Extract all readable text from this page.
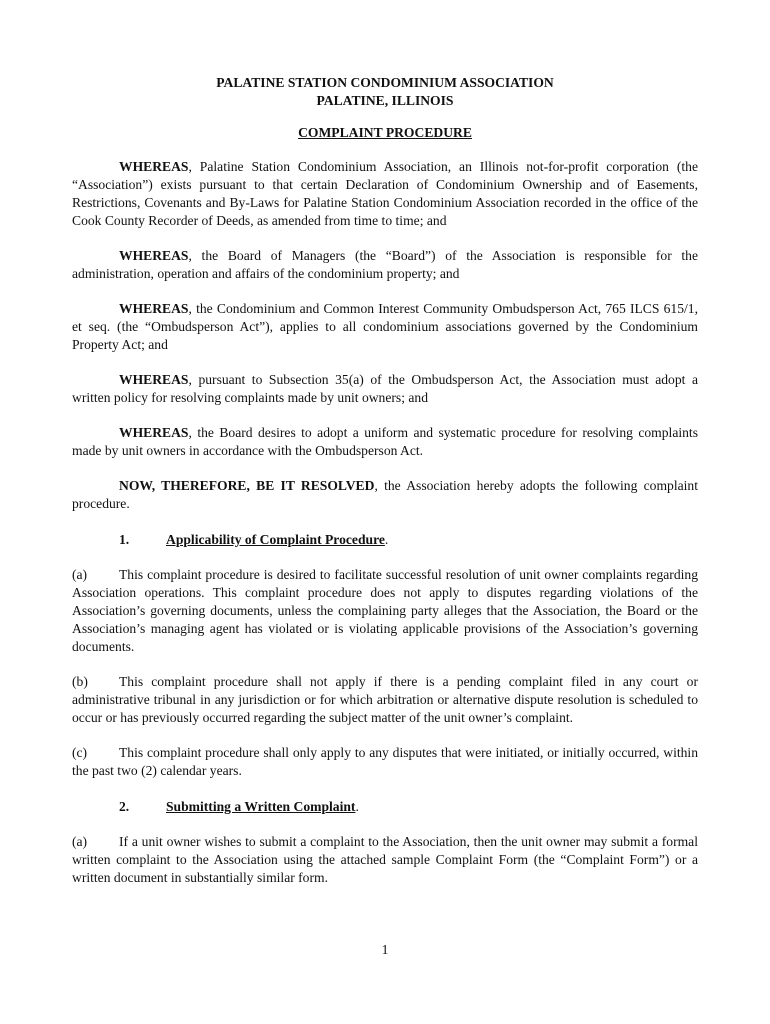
PALATINE STATION CONDOMINIUM ASSOCIATION
PALATINE, ILLINOIS
COMPLAINT PROCEDURE

WHEREAS, Palatine Station Condominium Association, an Illinois not-for-profit corporation (the “Association”) exists pursuant to that certain Declaration of Condominium Ownership and of Easements, Restrictions, Covenants and By-Laws for Palatine Station Condominium Association recorded in the office of the Cook County Recorder of Deeds, as amended from time to time; and

WHEREAS, the Board of Managers (the “Board”) of the Association is responsible for the administration, operation and affairs of the condominium property; and

WHEREAS, the Condominium and Common Interest Community Ombudsperson Act, 765 ILCS 615/1, et seq. (the “Ombudsperson Act”), applies to all condominium associations governed by the Condominium Property Act; and

WHEREAS, pursuant to Subsection 35(a) of the Ombudsperson Act, the Association must adopt a written policy for resolving complaints made by unit owners; and

WHEREAS, the Board desires to adopt a uniform and systematic procedure for resolving complaints made by unit owners in accordance with the Ombudsperson Act.

NOW, THEREFORE, BE IT RESOLVED, the Association hereby adopts the following complaint procedure.

1.	Applicability of Complaint Procedure.

(a) This complaint procedure is desired to facilitate successful resolution of unit owner complaints regarding Association operations. This complaint procedure does not apply to disputes regarding violations of the Association’s governing documents, unless the complaining party alleges that the Association, the Board or the Association’s managing agent has violated or is violating applicable provisions of the Association’s governing documents.

(b) This complaint procedure shall not apply if there is a pending complaint filed in any court or administrative tribunal in any jurisdiction or for which arbitration or alternative dispute resolution is scheduled to occur or has previously occurred regarding the subject matter of the unit owner’s complaint.

(c) This complaint procedure shall only apply to any disputes that were initiated, or initially occurred, within the past two (2) calendar years.

2.	Submitting a Written Complaint.

(a) If a unit owner wishes to submit a complaint to the Association, then the unit owner may submit a formal written complaint to the Association using the attached sample Complaint Form (the “Complaint Form”) or a written document in substantially similar form.

1
